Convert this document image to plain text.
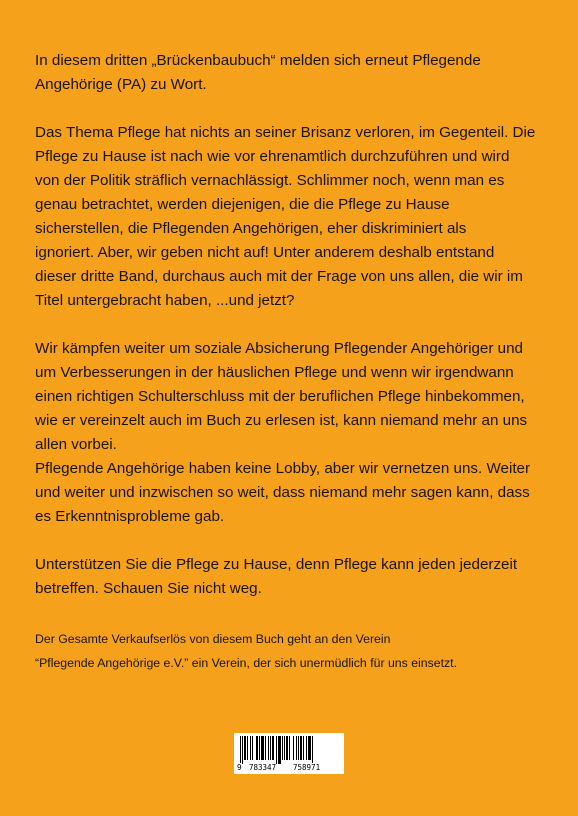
In diesem dritten „Brückenbaubuch“ melden sich erneut Pflegende
Angehörige (PA) zu Wort.

Das Thema Pflege hat nichts an seiner Brisanz verloren, im Gegenteil. Die
Pflege zu Hause ist nach wie vor ehrenamtlich durchzuführen und wird
von der Politik sträflich vernachlässigt. Schlimmer noch, wenn man es
genau betrachtet, werden diejenigen, die die Pflege zu Hause
sicherstellen, die Pflegenden Angehörigen, eher diskriminiert als
ignoriert. Aber, wir geben nicht auf! Unter anderem deshalb entstand
dieser dritte Band, durchaus auch mit der Frage von uns allen, die wir im
Titel untergebracht haben, ...und jetzt?

Wir kämpfen weiter um soziale Absicherung Pflegender Angehöriger und
um Verbesserungen in der häuslichen Pflege und wenn wir irgendwann
einen richtigen Schulterschluss mit der beruflichen Pflege hinbekommen,
wie er vereinzelt auch im Buch zu erlesen ist, kann niemand mehr an uns
allen vorbei.

Pflegende Angehörige haben keine Lobby, aber wir vernetzen uns. Weiter
und weiter und inzwischen so weit, dass niemand mehr sagen kann, dass
es Erkenntnisprobleme gab.

Unterstützen Sie die Pflege zu Hause, denn Pflege kann jeden jederzeit
betreffen. Schauen Sie nicht weg.

Der Gesamte Verkaufserlös von diesem Buch geht an den Verein
“Pflegende Angehörige e.V.” ein Verein, der sich unermüdlich für uns einsetzt.
9 783347 758971
